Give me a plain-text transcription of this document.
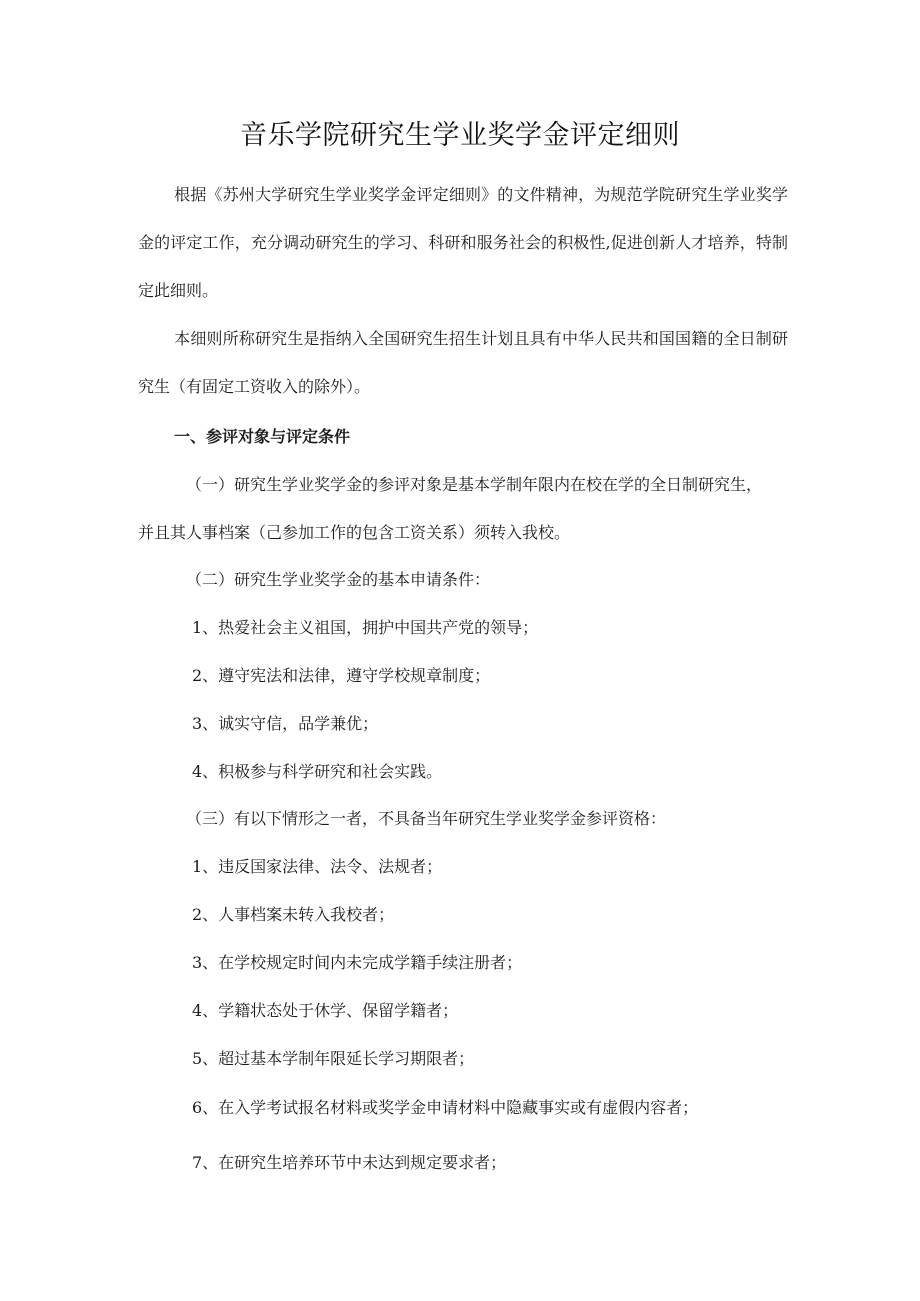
音乐学院研究生学业奖学金评定细则
根据《苏州大学研究生学业奖学金评定细则》的文件精神，为规范学院研究生学业奖学金的评定工作，充分调动研究生的学习、科研和服务社会的积极性,促进创新人才培养，特制定此细则。
本细则所称研究生是指纳入全国研究生招生计划且具有中华人民共和国国籍的全日制研究生（有固定工资收入的除外）。
一、参评对象与评定条件
（一）研究生学业奖学金的参评对象是基本学制年限内在校在学的全日制研究生，
并且其人事档案（己参加工作的包含工资关系）须转入我校。
（二）研究生学业奖学金的基本申请条件：
1、热爱社会主义祖国，拥护中国共产党的领导；
2、遵守宪法和法律，遵守学校规章制度；
3、诚实守信，品学兼优；
4、积极参与科学研究和社会实践。
（三）有以下情形之一者，不具备当年研究生学业奖学金参评资格：
1、违反国家法律、法令、法规者；
2、人事档案未转入我校者；
3、在学校规定时间内未完成学籍手续注册者；
4、学籍状态处于休学、保留学籍者；
5、超过基本学制年限延长学习期限者；
6、在入学考试报名材料或奖学金申请材料中隐藏事实或有虚假内容者；
7、在研究生培养环节中未达到规定要求者；
